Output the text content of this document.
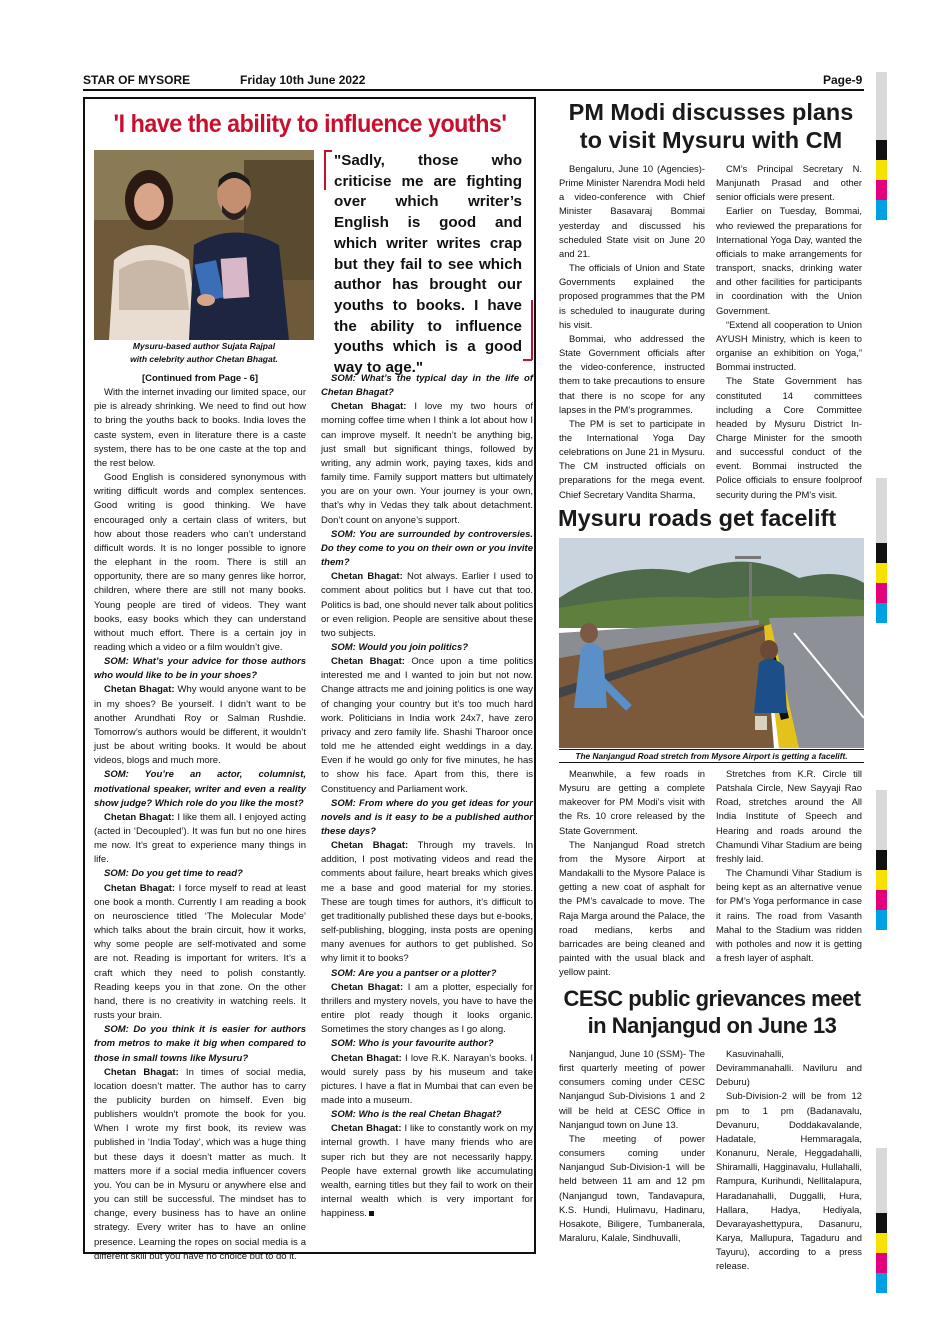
STAR OF MYSORE	Friday 10th June 2022	Page-9
'I have the ability to influence youths'
Mysuru-based author Sujata Rajpal
with celebrity author Chetan Bhagat.
"Sadly, those who criticise me are fighting over which writer’s English is good and which writer writes crap but they fail to see which author has brought our youths to books. I have the ability to influence youths which is a good way to age."

[Continued from Page - 6]

With the internet invading our limited space, our pie is already shrinking. We need to find out how to bring the youths back to books. India loves the caste system, even in literature there is a caste system, there has to be one caste at the top and the rest below.

Good English is considered synonymous with writing difficult words and complex sentences. Good writing is good thinking. We have encouraged only a certain class of writers, but how about those readers who can’t understand difficult words. It is no longer possible to ignore the elephant in the room. There is still an opportunity, there are so many genres like horror, children, where there are still not many books. Young people are tired of videos. They want books, easy books which they can understand without much effort. There is a certain joy in reading which a video or a film wouldn’t give.

SOM: What’s your advice for those authors who would like to be in your shoes?

Chetan Bhagat: Why would anyone want to be in my shoes? Be yourself. I didn’t want to be another Arundhati Roy or Salman Rushdie. Tomorrow’s authors would be different, it wouldn’t just be about writing books. It would be about videos, blogs and much more.

SOM: You’re an actor, columnist, motivational speaker, writer and even a reality show judge? Which role do you like the most?

Chetan Bhagat: I like them all. I enjoyed acting (acted in ‘Decoupled’). It was fun but no one hires me now. It’s great to experience many things in life.

SOM: Do you get time to read?

Chetan Bhagat: I force myself to read at least one book a month. Currently I am reading a book on neuroscience titled ‘The Molecular Mode’ which talks about the brain circuit, how it works, why some people are self-motivated and some are not. Reading is important for writers. It’s a craft which they need to polish constantly. Reading keeps you in that zone. On the other hand, there is no creativity in watching reels. It rusts your brain.

SOM: Do you think it is easier for authors from metros to make it big when compared to those in small towns like Mysuru?

Chetan Bhagat: In times of social media, location doesn’t matter. The author has to carry the publicity burden on himself. Even big publishers wouldn’t promote the book for you. When I wrote my first book, its review was published in ‘India Today’, which was a huge thing but these days it doesn’t matter as much. It matters more if a social media influencer covers you. You can be in Mysuru or anywhere else and you can still be successful. The mindset has to change, every business has to have an online strategy. Every writer has to have an online presence. Learning the ropes on social media is a different skill but you have no choice but to do it.

SOM: What’s the typical day in the life of Chetan Bhagat?

Chetan Bhagat: I love my two hours of morning coffee time when I think a lot about how I can improve myself. It needn’t be anything big, just small but significant things, followed by writing, any admin work, paying taxes, kids and family time. Family support matters but ultimately you are on your own. Your journey is your own, that’s why in Vedas they talk about detachment. Don’t count on anyone’s support.

SOM: You are surrounded by controversies. Do they come to you on their own or you invite them?

Chetan Bhagat: Not always. Earlier I used to comment about politics but I have cut that too. Politics is bad, one should never talk about politics or even religion. People are sensitive about these two subjects.

SOM: Would you join politics?

Chetan Bhagat: Once upon a time politics interested me and I wanted to join but not now. Change attracts me and joining politics is one way of changing your country but it’s too much hard work. Politicians in India work 24x7, have zero privacy and zero family life. Shashi Tharoor once told me he attended eight weddings in a day. Even if he would go only for five minutes, he has to show his face. Apart from this, there is Constituency and Parliament work.

SOM: From where do you get ideas for your novels and is it easy to be a published author these days?

Chetan Bhagat: Through my travels. In addition, I post motivating videos and read the comments about failure, heart breaks which gives me a base and good material for my stories. These are tough times for authors, it’s difficult to get traditionally published these days but e-books, self-publishing, blogging, insta posts are opening many avenues for authors to get published. So why limit it to books?

SOM: Are you a pantser or a plotter?

Chetan Bhagat: I am a plotter, especially for thrillers and mystery novels, you have to have the entire plot ready though it looks organic. Sometimes the story changes as I go along.

SOM: Who is your favourite author?

Chetan Bhagat: I love R.K. Narayan’s books. I would surely pass by his museum and take pictures. I have a flat in Mumbai that can even be made into a museum.

SOM: Who is the real Chetan Bhagat?

Chetan Bhagat: I like to constantly work on my internal growth. I have many friends who are super rich but they are not necessarily happy. People have external growth like accumulating wealth, earning titles but they fail to work on their internal wealth which is very important for happiness.

PM Modi discusses plans to visit Mysuru with CM

Bengaluru, June 10 (Agencies)- Prime Minister Narendra Modi held a video-conference with Chief Minister Basavaraj Bommai yesterday and discussed his scheduled State visit on June 20 and 21.

The officials of Union and State Governments explained the proposed programmes that the PM is scheduled to inaugurate during his visit.

Bommai, who addressed the State Government officials after the video-conference, instructed them to take precautions to ensure that there is no scope for any lapses in the PM’s programmes.

The PM is set to participate in the International Yoga Day celebrations on June 21 in Mysuru. The CM instructed officials on preparations for the mega event. Chief Secretary Vandita Sharma,

CM’s Principal Secretary N. Manjunath Prasad and other senior officials were present.

Earlier on Tuesday, Bommai, who reviewed the preparations for International Yoga Day, wanted the officials to make arrangements for transport, snacks, drinking water and other facilities for participants in coordination with the Union Government.

“Extend all cooperation to Union AYUSH Ministry, which is keen to organise an exhibition on Yoga,” Bommai instructed.

The State Government has constituted 14 committees including a Core Committee headed by Mysuru District In-Charge Minister for the smooth and successful conduct of the event. Bommai instructed the Police officials to ensure foolproof security during the PM’s visit.

Mysuru roads get facelift
The Nanjangud Road stretch from Mysore Airport is getting a facelift.

Meanwhile, a few roads in Mysuru are getting a complete makeover for PM Modi’s visit with the Rs. 10 crore released by the State Government.

The Nanjangud Road stretch from the Mysore Airport at Mandakalli to the Mysore Palace is getting a new coat of asphalt for the PM’s cavalcade to move. The Raja Marga around the Palace, the road medians, kerbs and barricades are being cleaned and painted with the usual black and yellow paint.

Stretches from K.R. Circle till Patshala Circle, New Sayyaji Rao Road, stretches around the All India Institute of Speech and Hearing and roads around the Chamundi Vihar Stadium are being freshly laid.

The Chamundi Vihar Stadium is being kept as an alternative venue for PM’s Yoga performance in case it rains. The road from Vasanth Mahal to the Stadium was ridden with potholes and now it is getting a fresh layer of asphalt.

CESC public grievances meet in Nanjangud on June 13

Nanjangud, June 10 (SSM)- The first quarterly meeting of power consumers coming under CESC Nanjangud Sub-Divisions 1 and 2 will be held at CESC Office in Nanjangud town on June 13.

The meeting of power consumers coming under Nanjangud Sub-Division-1 will be held between 11 am and 12 pm (Nanjangud town, Tandavapura, K.S. Hundi, Hulimavu, Hadinaru, Hosakote, Biligere, Tumbanerala, Maraluru, Kalale, Sindhuvalli,

Kasuvinahalli, Devirammanahalli. Naviluru and Deburu)

Sub-Division-2 will be from 12 pm to 1 pm (Badanavalu, Devanuru, Doddakavalande, Hadatale, Hemmaragala, Konanuru, Nerale, Heggadahalli, Shiramalli, Hagginavalu, Hullahalli, Rampura, Kurihundi, Nellitalapura, Haradanahalli, Duggalli, Hura, Hallara, Hadya, Hediyala, Devarayashettypura, Dasanuru, Karya, Mallupura, Tagaduru and Tayuru), according to a press release.
